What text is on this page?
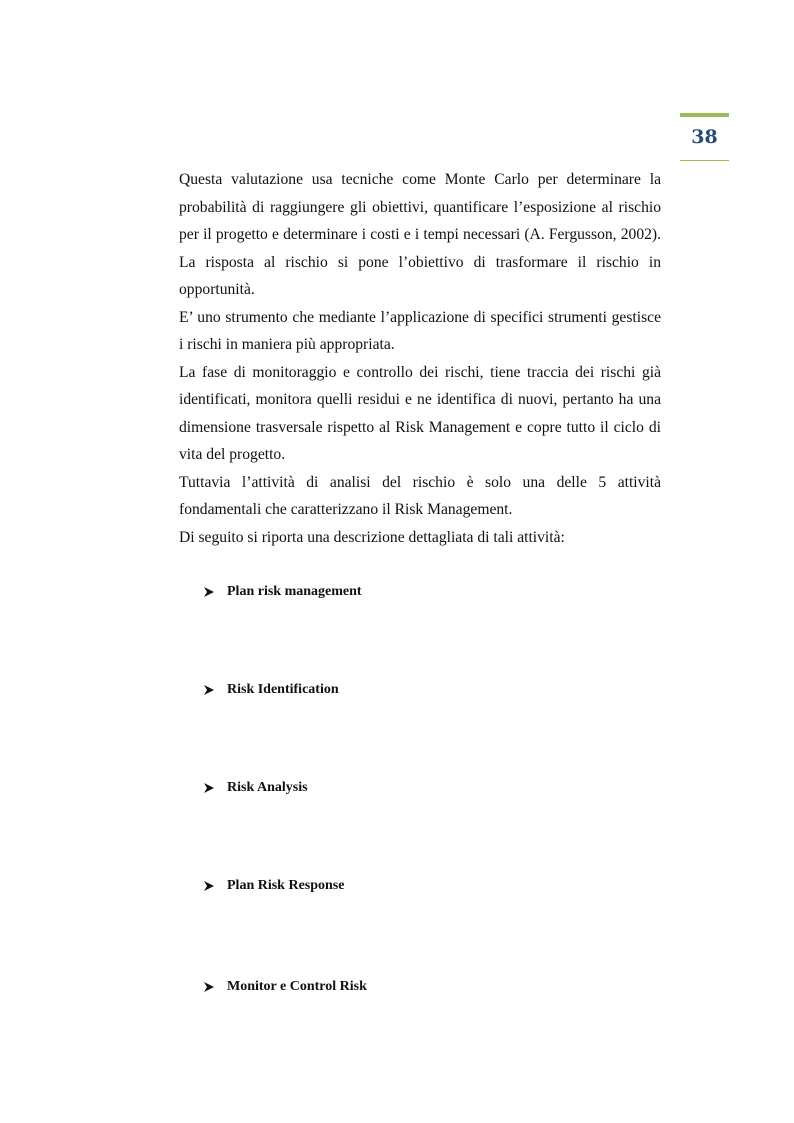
38

Questa valutazione usa tecniche come Monte Carlo per determinare la probabilità di raggiungere gli obiettivi, quantificare l’esposizione al rischio per il progetto e determinare i costi e i tempi necessari (A. Fergusson, 2002). La risposta al rischio si pone l’obiettivo di trasformare il rischio in opportunità.

E’ uno strumento che mediante l’applicazione di specifici strumenti gestisce i rischi in maniera più appropriata.

La fase di monitoraggio e controllo dei rischi, tiene traccia dei rischi già identificati, monitora quelli residui e ne identifica di nuovi, pertanto ha una dimensione trasversale rispetto al Risk Management e copre tutto il ciclo di vita del progetto.

Tuttavia l’attività di analisi del rischio è solo una delle 5 attività fondamentali che caratterizzano il Risk Management.

Di seguito si riporta una descrizione dettagliata di tali attività:

Plan risk management
Risk Identification
Risk Analysis
Plan Risk Response
Monitor e Control Risk
